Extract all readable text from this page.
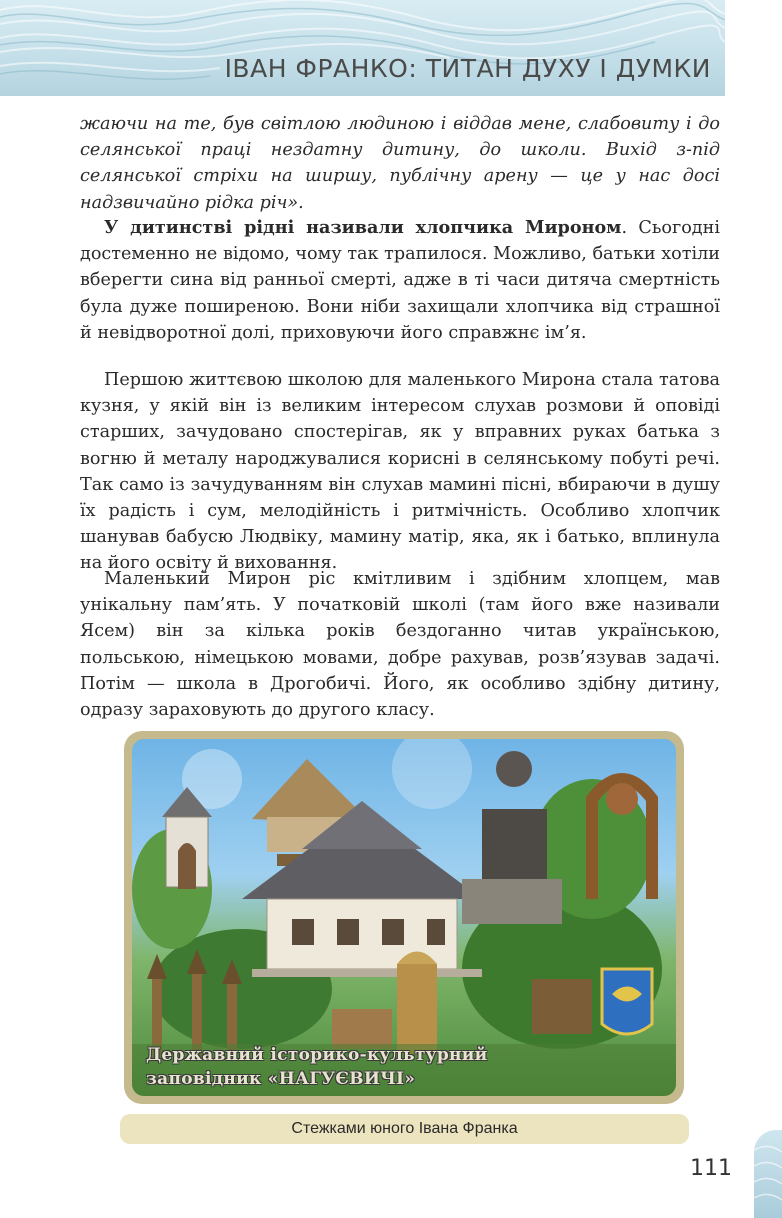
ІВАН ФРАНКО: ТИТАН ДУХУ І ДУМКИ

жаючи на те, був світлою людиною і віддав мене, слабовиту і до селянської праці нездатну дитину, до школи. Вихід з-під селянської стріхи на ширшу, публічну арену — це у нас досі надзвичайно рідка річ».

У дитинстві рідні називали хлопчика Мироном. Сьогодні достеменно не відомо, чому так трапилося. Можливо, батьки хотіли вберегти сина від ранньої смерті, адже в ті часи дитяча смертність була дуже поширеною. Вони ніби захищали хлопчика від страшної й невідворотної долі, приховуючи його справжнє ім’я.

Першою життєвою школою для маленького Мирона стала татова кузня, у якій він із великим інтересом слухав розмови й оповіді старших, зачудовано спостерігав, як у вправних руках батька з вогню й металу народжувалися корисні в селянському побуті речі. Так само із зачудуванням він слухав мамині пісні, вбираючи в душу їх радість і сум, мелодійність і ритмічність. Особливо хлопчик шанував бабусю Людвіку, мамину матір, яка, як і батько, вплинула на його освіту й виховання.

Маленький Мирон ріс кмітливим і здібним хлопцем, мав унікальну пам’ять. У початковій школі (там його вже називали Ясем) він за кілька років бездоганно читав українською, польською, німецькою мовами, добре рахував, розв’язував задачі. Потім — школа в Дрогобичі. Його, як особливо здібну дитину, одразу зараховують до другого класу.

Державний історико-культурний
заповідник «НАГУЄВИЧІ»
Стежками юного Івана Франка
111
